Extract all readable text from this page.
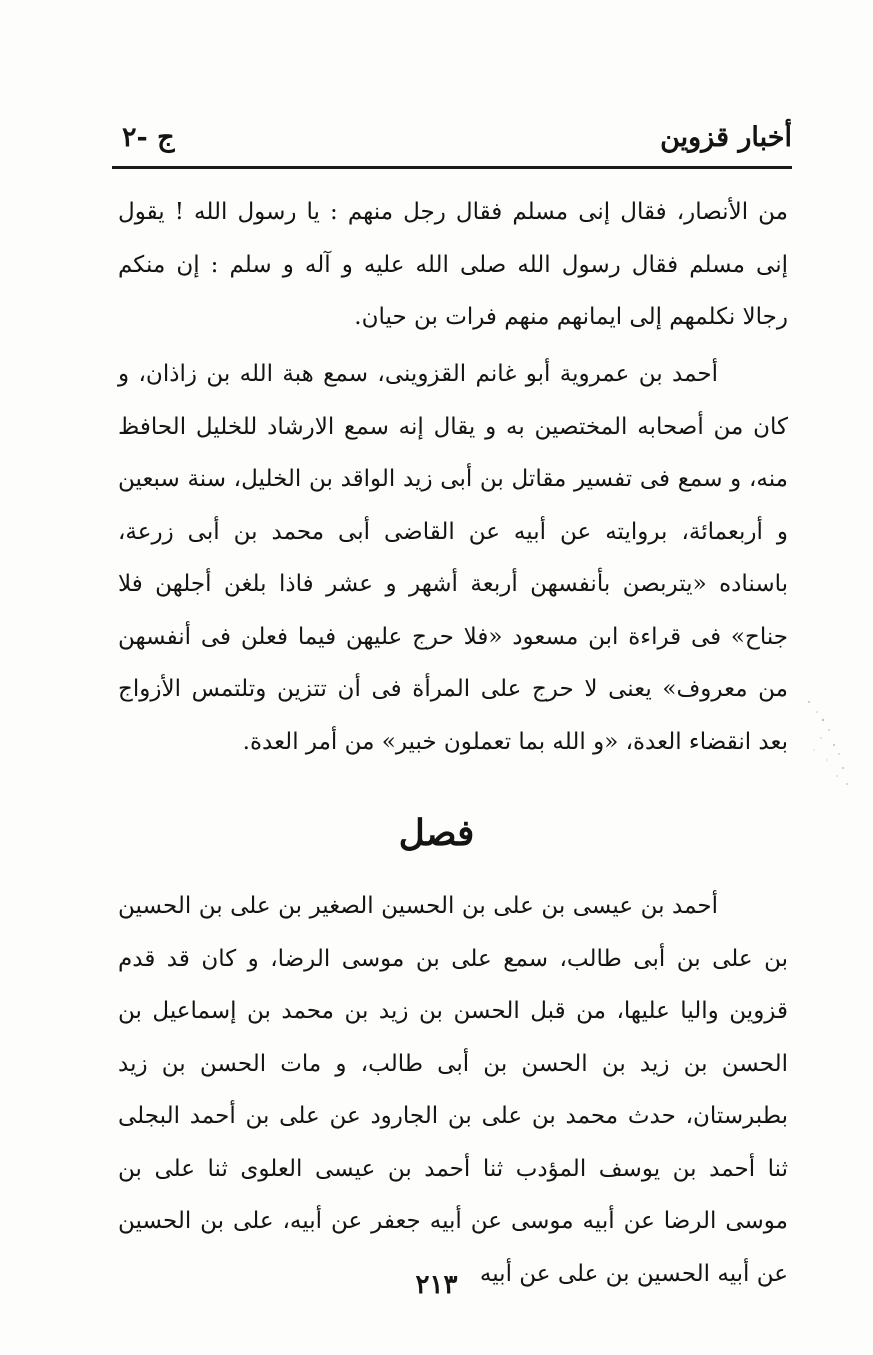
أخبار قزوين
ج -٢

من الأنصار، فقال إنى مسلم فقال رجل منهم : يا رسول الله ! يقول إنى مسلم فقال رسول الله صلى الله عليه و آله و سلم : إن منكم رجالا نكلمهم إلى ايمانهم منهم فرات بن حيان.

أحمد بن عمروية أبو غانم القزوينى، سمع هبة الله بن زاذان، و كان من أصحابه المختصين به و يقال إنه سمع الارشاد للخليل الحافظ منه، و سمع فى تفسير مقاتل بن أبى زيد الواقد بن الخليل، سنة سبعين و أربعمائة، بروايته عن أبيه عن القاضى أبى محمد بن أبى زرعة، باسناده «يتربصن بأنفسهن أربعة أشهر و عشر فاذا بلغن أجلهن فلا جناح» فى قراءة ابن مسعود «فلا حرج عليهن فيما فعلن فى أنفسهن من معروف» يعنى لا حرج على المرأة فى أن تتزين وتلتمس الأزواج بعد انقضاء العدة، «و الله بما تعملون خبير» من أمر العدة.

فصل

أحمد بن عيسى بن على بن الحسين الصغير بن على بن الحسين بن على بن أبى طالب، سمع على بن موسى الرضا، و كان قد قدم قزوين واليا عليها، من قبل الحسن بن زيد بن محمد بن إسماعيل بن الحسن بن زيد بن الحسن بن أبى طالب، و مات الحسن بن زيد بطبرستان، حدث محمد بن على بن الجارود عن على بن أحمد البجلى ثنا أحمد بن يوسف المؤدب ثنا أحمد بن عيسى العلوى ثنا على بن موسى الرضا عن أبيه موسى عن أبيه جعفر عن أبيه، على بن الحسين عن أبيه الحسين بن على عن أبيه

٢١٣
